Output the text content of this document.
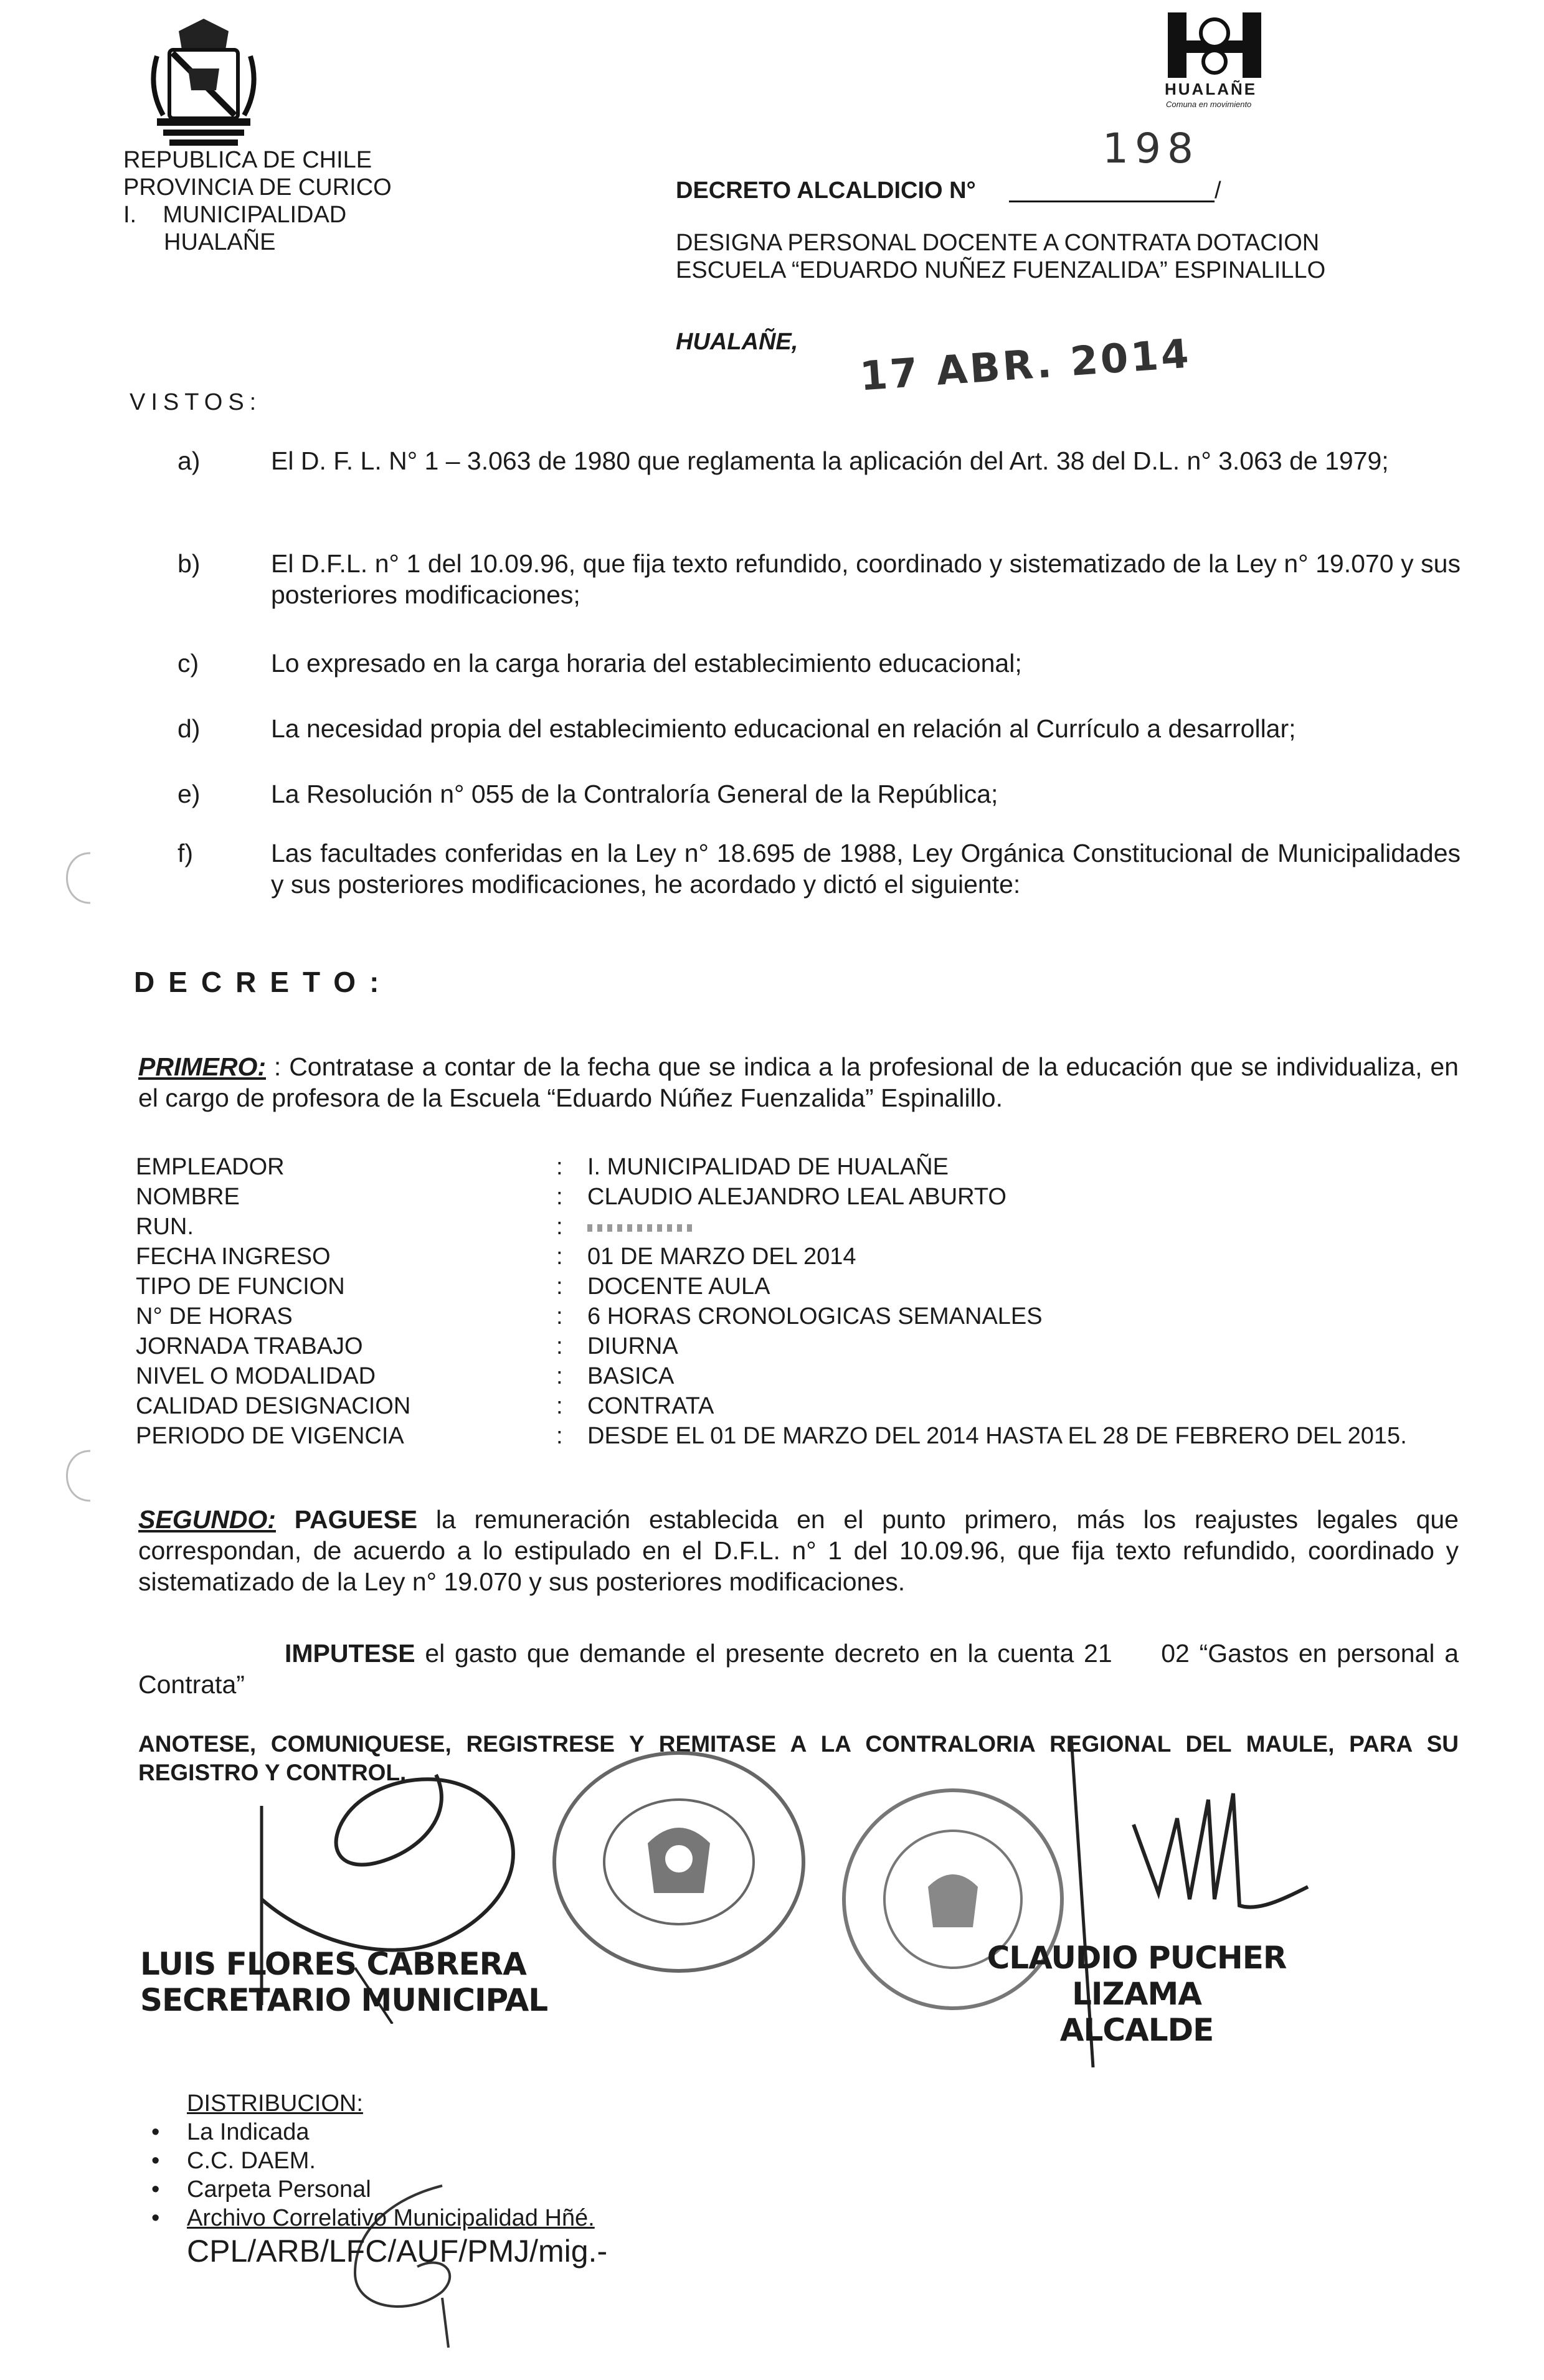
REPUBLICA DE CHILE
PROVINCIA DE CURICO
I.    MUNICIPALIDAD
HUALAÑE
HUALAÑE
Comuna en movimiento
DECRETO ALCALDICIO N°	/
198
DESIGNA PERSONAL DOCENTE A CONTRATA DOTACION
ESCUELA “EDUARDO NUÑEZ FUENZALIDA” ESPINALILLO
HUALAÑE, 17 ABR. 2014
VISTOS:
a)	El D. F. L. N° 1 – 3.063 de 1980 que reglamenta la aplicación del Art. 38 del D.L. n° 3.063 de 1979;
b)	El D.F.L. n° 1 del 10.09.96, que fija texto refundido, coordinado y sistematizado de la Ley n° 19.070 y sus posteriores modificaciones;
c)	Lo expresado en la carga horaria del establecimiento educacional;
d)	La necesidad propia del establecimiento educacional en relación al Currículo a desarrollar;
e)	La Resolución n° 055 de la Contraloría General de la República;
f)	Las facultades conferidas en la Ley n° 18.695 de 1988, Ley Orgánica Constitucional de Municipalidades y sus posteriores modificaciones, he acordado y dictó el siguiente:
DECRETO:
PRIMERO: : Contratase a contar de la fecha que se indica a la profesional de la educación que se individualiza, en el cargo de profesora de la Escuela “Eduardo Núñez Fuenzalida” Espinalillo.
EMPLEADOR	:	I. MUNICIPALIDAD DE HUALAÑE
NOMBRE	:	CLAUDIO ALEJANDRO LEAL ABURTO
RUN.	:
FECHA INGRESO	:	01 DE MARZO DEL 2014
TIPO DE FUNCION	:	DOCENTE AULA
N° DE HORAS	:	6 HORAS CRONOLOGICAS SEMANALES
JORNADA TRABAJO	:	DIURNA
NIVEL O MODALIDAD	:	BASICA
CALIDAD DESIGNACION	:	CONTRATA
PERIODO DE VIGENCIA	:	DESDE EL 01 DE MARZO DEL 2014 HASTA EL 28 DE FEBRERO DEL 2015.
SEGUNDO: PAGUESE la remuneración establecida en el punto primero, más los reajustes legales que correspondan, de acuerdo a lo estipulado en el D.F.L. n° 1 del 10.09.96, que fija texto refundido, coordinado y sistematizado de la Ley n° 19.070 y sus posteriores modificaciones.
IMPUTESE el gasto que demande el presente decreto en la cuenta 21     02 “Gastos en personal a Contrata”
ANOTESE, COMUNIQUESE, REGISTRESE Y REMITASE A LA CONTRALORIA REGIONAL DEL MAULE, PARA SU REGISTRO Y CONTROL.
LUIS FLORES CABRERA
SECRETARIO MUNICIPAL
CLAUDIO PUCHER LIZAMA
ALCALDE
DISTRIBUCION:
• La Indicada
• C.C. DAEM.
• Carpeta Personal
• Archivo Correlativo Municipalidad Hñé.
CPL/ARB/LFC/AUF/PMJ/mig.-
